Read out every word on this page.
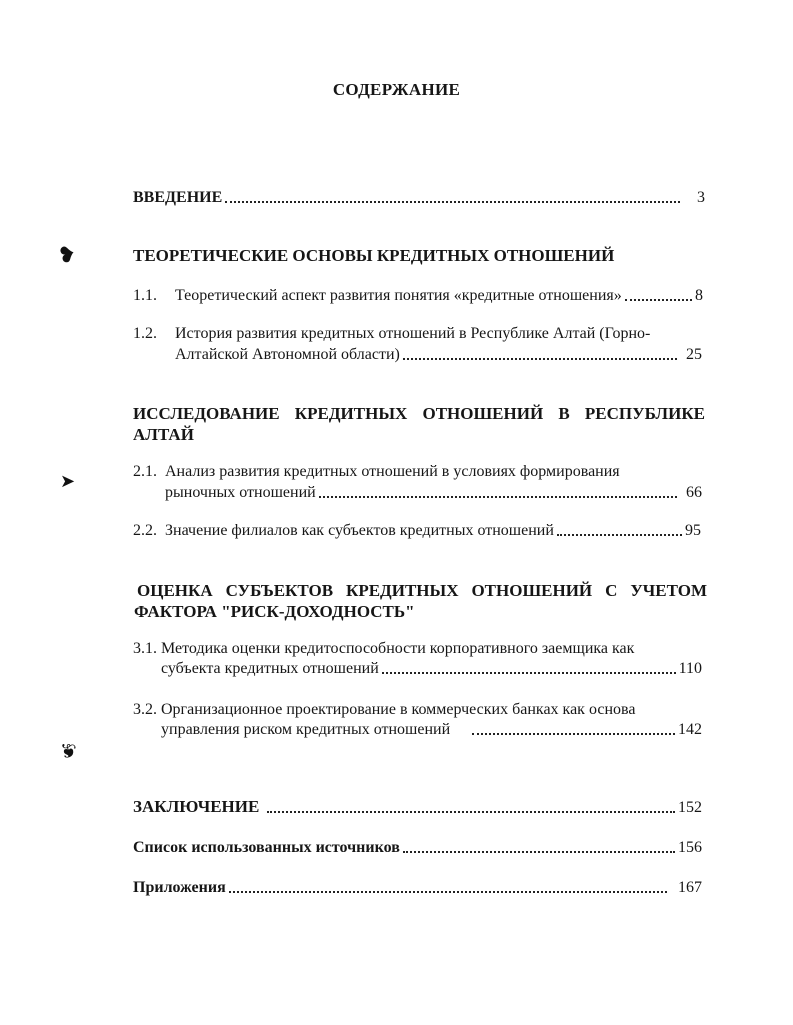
СОДЕРЖАНИЕ
ВВЕДЕНИЕ	3
ТЕОРЕТИЧЕСКИЕ ОСНОВЫ КРЕДИТНЫХ ОТНОШЕНИЙ
1.1.	Теоретический аспект развития понятия «кредитные отношения»	8
1.2. История развития кредитных отношений в Республике Алтай (Горно-
Алтайской Автономной области)	25
ИССЛЕДОВАНИЕ КРЕДИТНЫХ ОТНОШЕНИЙ В РЕСПУБЛИКЕ
АЛТАЙ
2.1. Анализ развития кредитных отношений в условиях формирования
рыночных отношений	66
2.2. Значение филиалов как субъектов кредитных отношений	95
ОЦЕНКА СУБЪЕКТОВ КРЕДИТНЫХ ОТНОШЕНИЙ С УЧЕТОМ
ФАКТОРА "РИСК-ДОХОДНОСТЬ"
3.1. Методика оценки кредитоспособности корпоративного заемщика как
субъекта кредитных отношений	110
3.2. Организационное проектирование в коммерческих банках как основа
управления риском кредитных отношений	142
ЗАКЛЮЧЕНИЕ	152
Список использованных источников	156
Приложения	167
❥
➤
❦
